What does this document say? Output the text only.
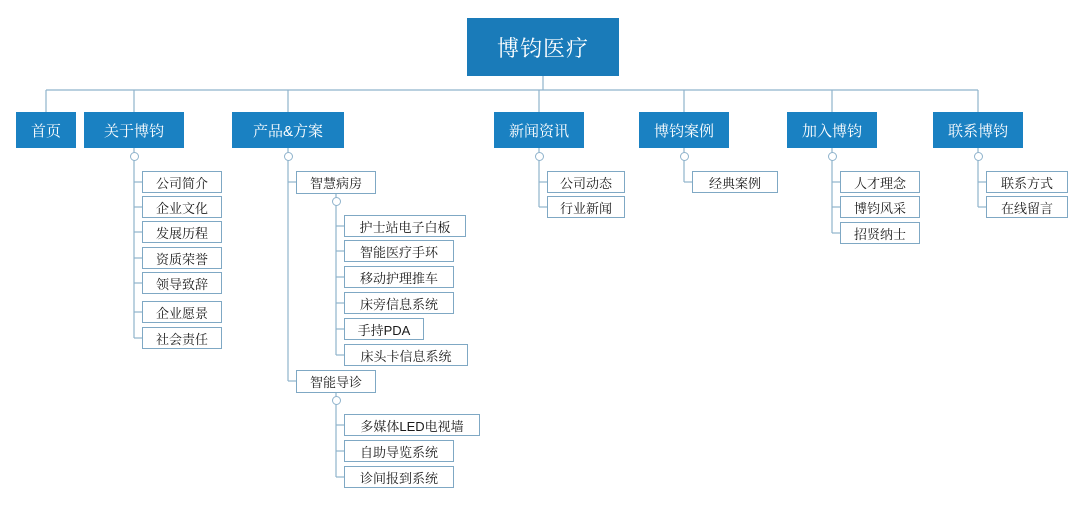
博钧医疗
首页	关于博钧	产品&方案	新闻资讯	博钧案例	加入博钧	联系博钧
公司简介
企业文化
发展历程
资质荣誉
领导致辞
企业愿景
社会责任
智慧病房
智能导诊
护士站电子白板
智能医疗手环
移动护理推车
床旁信息系统
手持PDA
床头卡信息系统
多媒体LED电视墙
自助导览系统
诊间报到系统
公司动态
行业新闻
经典案例	人才理念
博钧风采
招贤纳士
联系方式
在线留言
